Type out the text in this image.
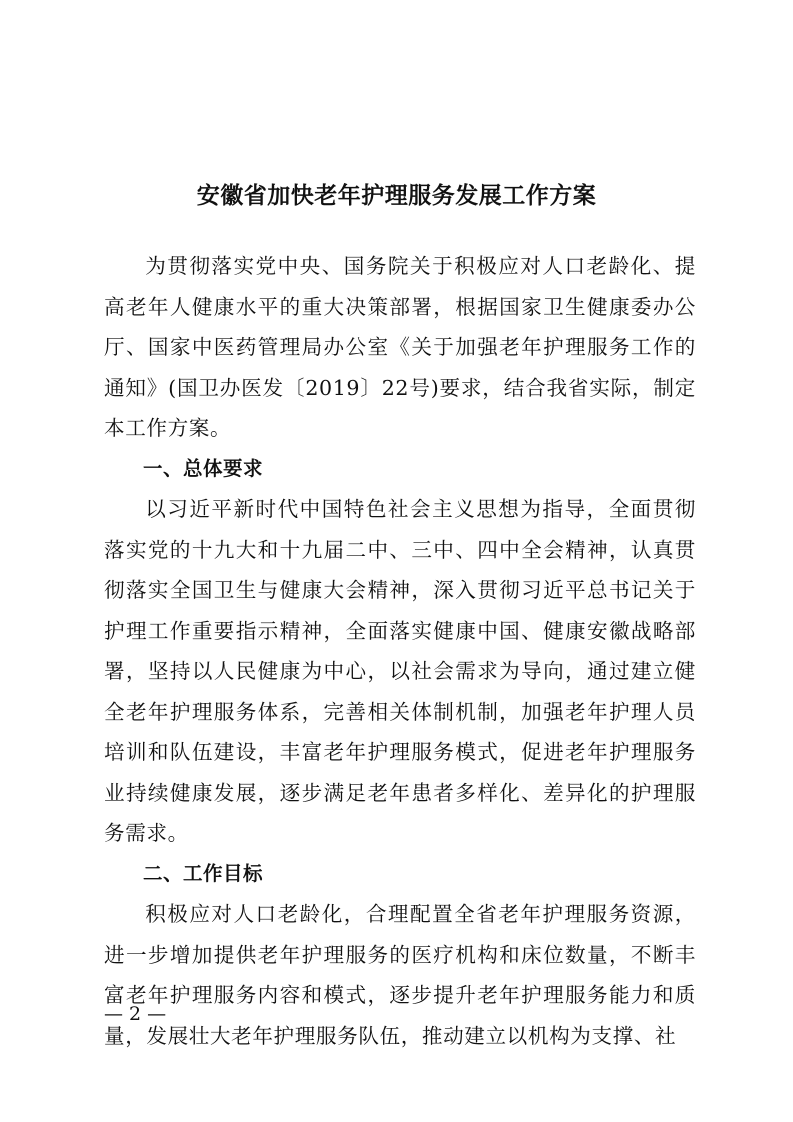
安徽省加快老年护理服务发展工作方案

为贯彻落实党中央、国务院关于积极应对人口老龄化、提高老年人健康水平的重大决策部署，根据国家卫生健康委办公厅、国家中医药管理局办公室《关于加强老年护理服务工作的通知》(国卫办医发〔2019〕22号)要求，结合我省实际，制定本工作方案。

一、总体要求

以习近平新时代中国特色社会主义思想为指导，全面贯彻落实党的十九大和十九届二中、三中、四中全会精神，认真贯彻落实全国卫生与健康大会精神，深入贯彻习近平总书记关于护理工作重要指示精神，全面落实健康中国、健康安徽战略部署，坚持以人民健康为中心，以社会需求为导向，通过建立健全老年护理服务体系，完善相关体制机制，加强老年护理人员培训和队伍建设，丰富老年护理服务模式，促进老年护理服务业持续健康发展，逐步满足老年患者多样化、差异化的护理服务需求。

二、工作目标

积极应对人口老龄化，合理配置全省老年护理服务资源，进一步增加提供老年护理服务的医疗机构和床位数量，不断丰富老年护理服务内容和模式，逐步提升老年护理服务能力和质量，发展壮大老年护理服务队伍，推动建立以机构为支撑、社

— 2 —
